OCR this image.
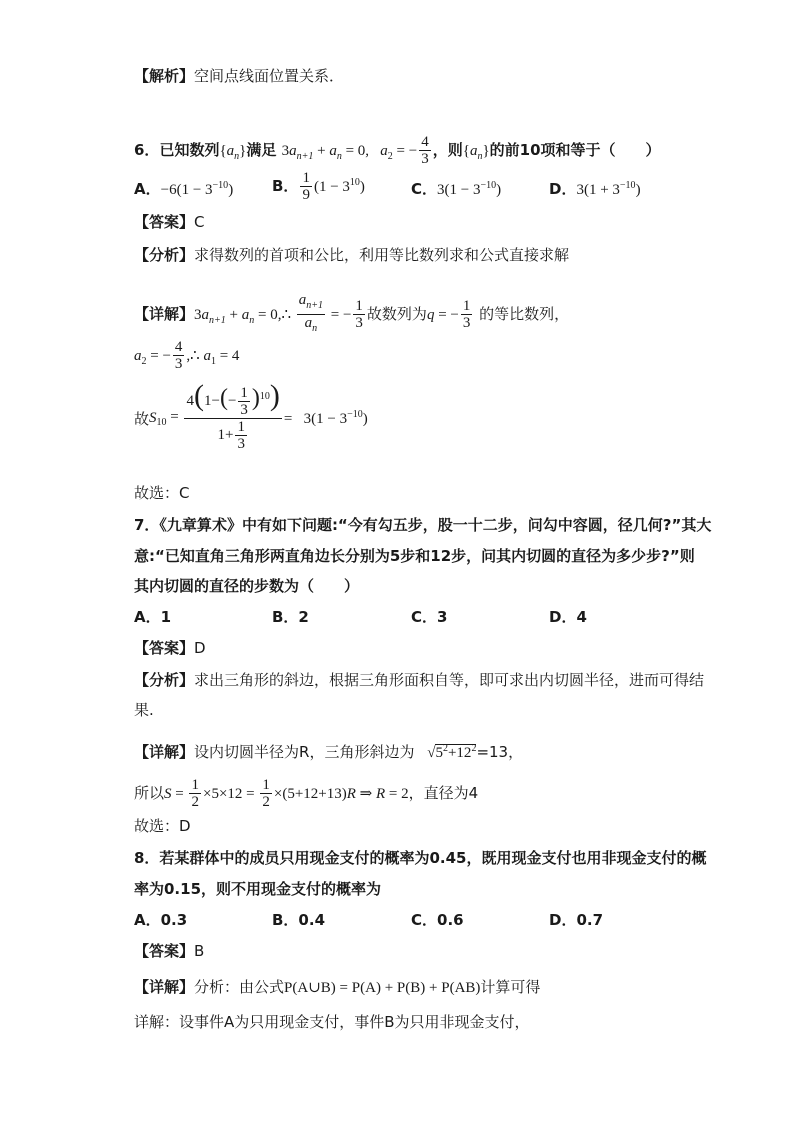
【解析】空间点线面位置关系．
6．已知数列$\{a_n\}$满足 $3a_{n+1} + a_n = 0$,   $a_2$ = − $\frac{4}{3}$ ，则$\{a_n\}$的前10项和等于（　　）
A．$-6(1 - 3^{-10})$	B． $\frac{1}{9} (1 - 3^{10})$	C．$3(1 - 3^{-10})$	D．$3(1 + 3^{-10})$
【答案】C
【分析】求得数列的首项和公比，利用等比数列求和公式直接求解
【详解】$3a_{n+1} + a_n$ = 0,∴ $\frac{a_{n+1}}{a_n}$ = − $\frac{1}{3}$ 故数列为q = − $\frac{1}{3}$ 的等比数列，
$a_2$ = − $\frac{4}{3}$ ,∴ $a_1 = 4$
故$S_{10} = \frac{4(1-(- \frac{1}{3} )^{10})}{1+ \frac{1}{3}} = 3(1 - 3^{-10})$
故选：C
7．《九章算术》中有如下问题:“今有勾五步，股一十二步，问勾中容圆，径几何?”其大
意:“已知直角三角形两直角边长分别为5步和12步，问其内切圆的直径为多少步?”则
其内切圆的直径的步数为（　　）
A．1	B．2	C．3	D．4
【答案】D
【分析】求出三角形的斜边，根据三角形面积自等，即可求出内切圆半径，进而可得结
果.
【详解】设内切圆半径为R，三角形斜边为 $√5^2+12^2=13$，
所以$S = \frac{1}{2} \times 5\times 12 = \frac{1}{2} \times(5+12+13)R$ ⇒ R = 2，直径为4
故选：D
8．若某群体中的成员只用现金支付的概率为0.45，既用现金支付也用非现金支付的概
率为0.15，则不用现金支付的概率为
A．0.3	B．0.4	C．0.6	D．0.7
【答案】B
【详解】分析：由公式P(A∪B) = P(A) + P(B) + P(AB)计算可得
详解：设事件A为只用现金支付，事件B为只用非现金支付，
